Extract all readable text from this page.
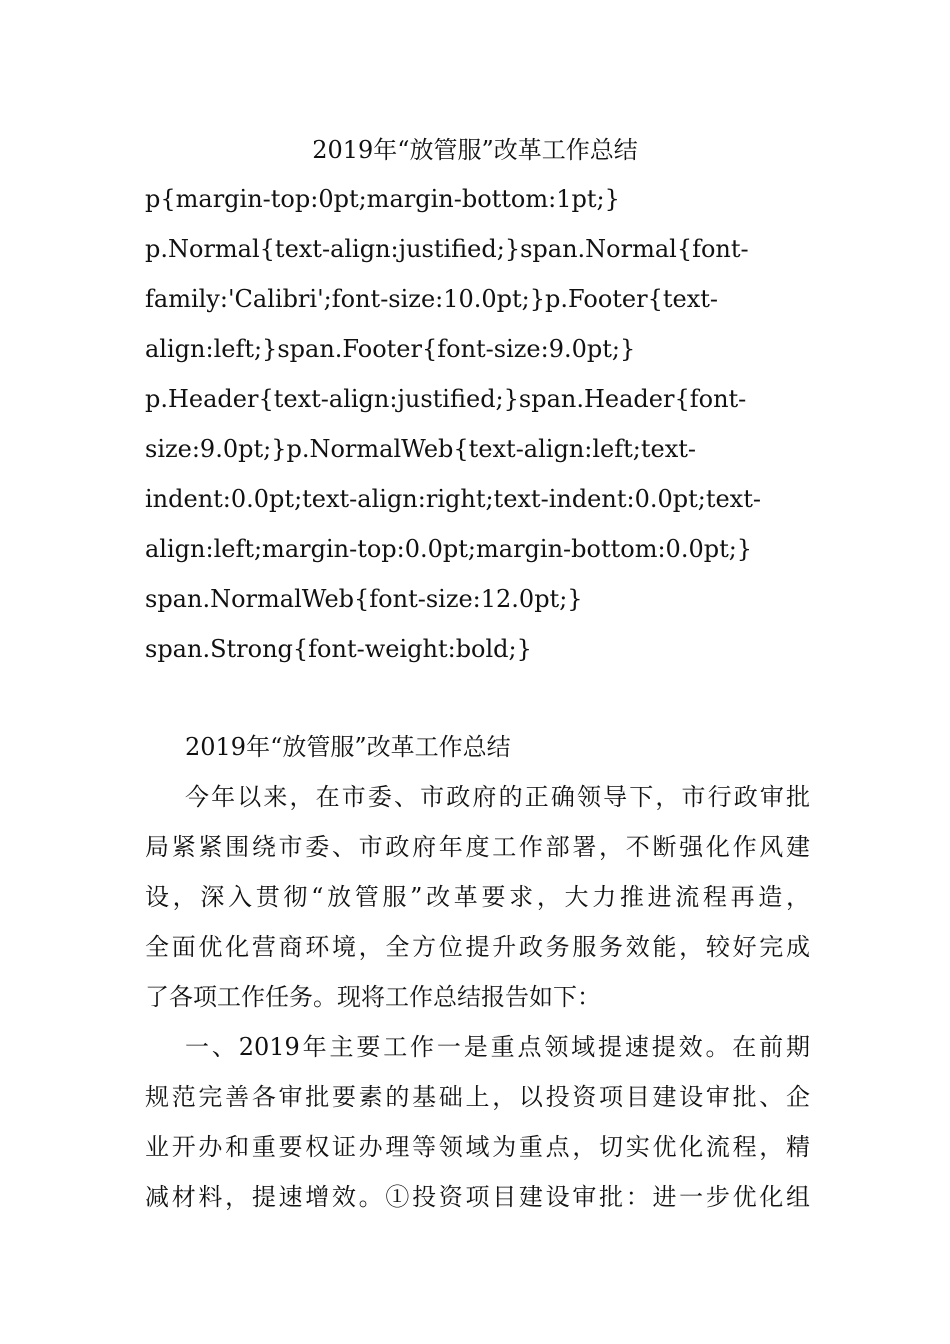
2019年“放管服”改革工作总结
p{margin-top:0pt;margin-bottom:1pt;}
p.Normal{text-align:justified;}span.Normal{font-
family:'Calibri';font-size:10.0pt;}p.Footer{text-
align:left;}span.Footer{font-size:9.0pt;}
p.Header{text-align:justified;}span.Header{font-
size:9.0pt;}p.NormalWeb{text-align:left;text-
indent:0.0pt;text-align:right;text-indent:0.0pt;text-
align:left;margin-top:0.0pt;margin-bottom:0.0pt;}
span.NormalWeb{font-size:12.0pt;}
span.Strong{font-weight:bold;}
2019年“放管服”改革工作总结
今年以来，在市委、市政府的正确领导下，市行政审批
局紧紧围绕市委、市政府年度工作部署，不断强化作风建
设，深入贯彻“放管服”改革要求，大力推进流程再造，
全面优化营商环境，全方位提升政务服务效能，较好完成
了各项工作任务。现将工作总结报告如下：
一、2019年主要工作一是重点领域提速提效。在前期
规范完善各审批要素的基础上，以投资项目建设审批、企
业开办和重要权证办理等领域为重点，切实优化流程，精
减材料，提速增效。①投资项目建设审批：进一步优化组
